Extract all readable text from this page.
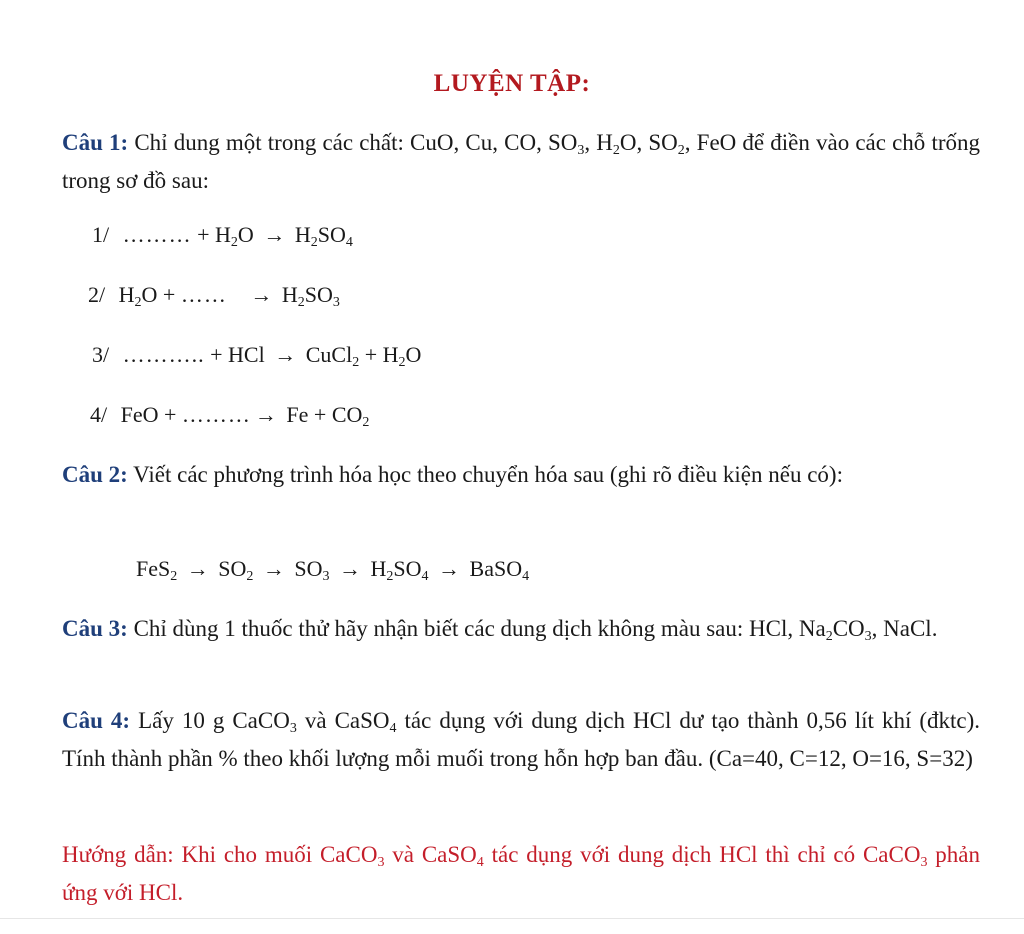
LUYỆN TẬP:
Câu 1: Chỉ dung một trong các chất: CuO, Cu, CO, $SO_3$, $H_2O$, $SO_2$, FeO để điền vào các chỗ trống trong sơ đồ sau:
1/ ……… + $H_2O \to H_2SO_4$
2/ $H_2O$ + …… → $H_2SO_3$
3/ ……….. + HCl → CuCl$_2$ + $H_2O$
4/ FeO + ……… → $Fe + CO_2$
Câu 2: Viết các phương trình hóa học theo chuyển hóa sau (ghi rõ điều kiện nếu có):
$FeS_2 \to SO_2 \to SO_3 \to H_2SO_4$ → BaSO$_4$
Câu 3: Chỉ dùng 1 thuốc thử hãy nhận biết các dung dịch không màu sau: HCl, $Na_2CO_3$, NaCl.
Câu 4: Lấy 10 g CaCO$_3$ và CaSO$_4$ tác dụng với dung dịch HCl dư tạo thành 0,56 lít khí (đktc). Tính thành phần % theo khối lượng mỗi muối trong hỗn hợp ban đầu. (Ca=40, C=12, O=16, S=32)
Hướng dẫn: Khi cho muối CaCO$_3$ và CaSO$_4$ tác dụng với dung dịch HCl thì chỉ có CaCO$_3$ phản ứng với HCl.
